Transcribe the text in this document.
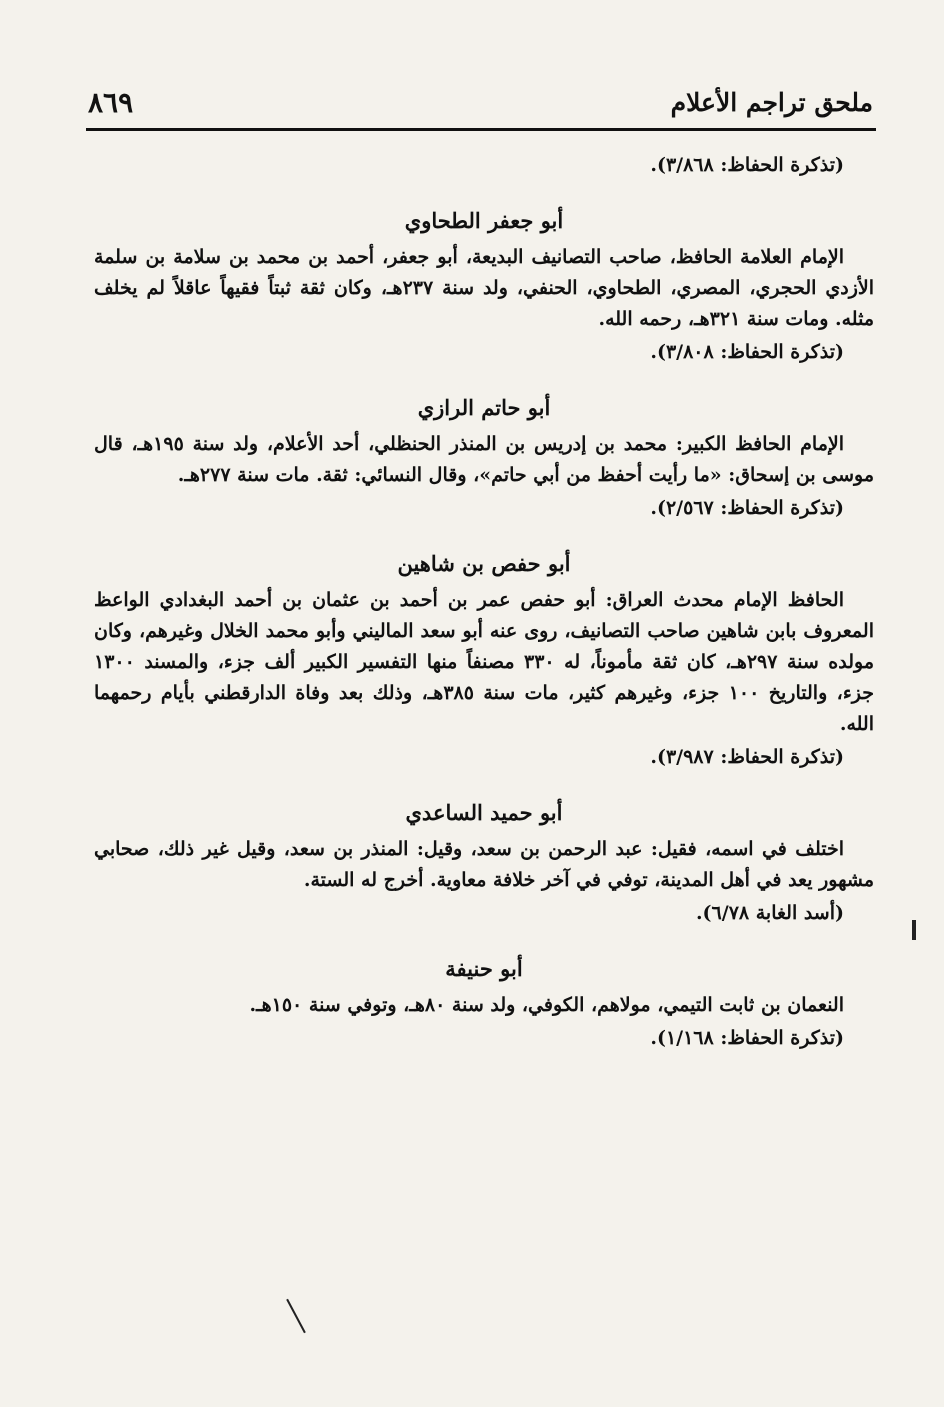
ملحق تراجم الأعلام
٨٦٩

(تذكرة الحفاظ: ٣/٨٦٨).

أبو جعفر الطحاوي

الإمام العلامة الحافظ، صاحب التصانيف البديعة، أبو جعفر، أحمد بن محمد بن سلامة بن سلمة الأزدي الحجري، المصري، الطحاوي، الحنفي، ولد سنة ٢٣٧هـ، وكان ثقة ثبتاً فقيهاً عاقلاً لم يخلف مثله. ومات سنة ٣٢١هـ، رحمه الله.

(تذكرة الحفاظ: ٣/٨٠٨).

أبو حاتم الرازي

الإمام الحافظ الكبير: محمد بن إدريس بن المنذر الحنظلي، أحد الأعلام، ولد سنة ١٩٥هـ، قال موسى بن إسحاق: «ما رأيت أحفظ من أبي حاتم»، وقال النسائي: ثقة. مات سنة ٢٧٧هـ.

(تذكرة الحفاظ: ٢/٥٦٧).

أبو حفص بن شاهين

الحافظ الإمام محدث العراق: أبو حفص عمر بن أحمد بن عثمان بن أحمد البغدادي الواعظ المعروف بابن شاهين صاحب التصانيف، روى عنه أبو سعد الماليني وأبو محمد الخلال وغيرهم، وكان مولده سنة ٢٩٧هـ، كان ثقة مأموناً، له ٣٣٠ مصنفاً منها التفسير الكبير ألف جزء، والمسند ١٣٠٠ جزء، والتاريخ ١٠٠ جزء، وغيرهم كثير، مات سنة ٣٨٥هـ، وذلك بعد وفاة الدارقطني بأيام رحمهما الله.

(تذكرة الحفاظ: ٣/٩٨٧).

أبو حميد الساعدي

اختلف في اسمه، فقيل: عبد الرحمن بن سعد، وقيل: المنذر بن سعد، وقيل غير ذلك، صحابي مشهور يعد في أهل المدينة، توفي في آخر خلافة معاوية. أخرج له الستة.

(أسد الغابة ٦/٧٨).

أبو حنيفة

النعمان بن ثابت التيمي، مولاهم، الكوفي، ولد سنة ٨٠هـ، وتوفي سنة ١٥٠هـ.

(تذكرة الحفاظ: ١/١٦٨).
